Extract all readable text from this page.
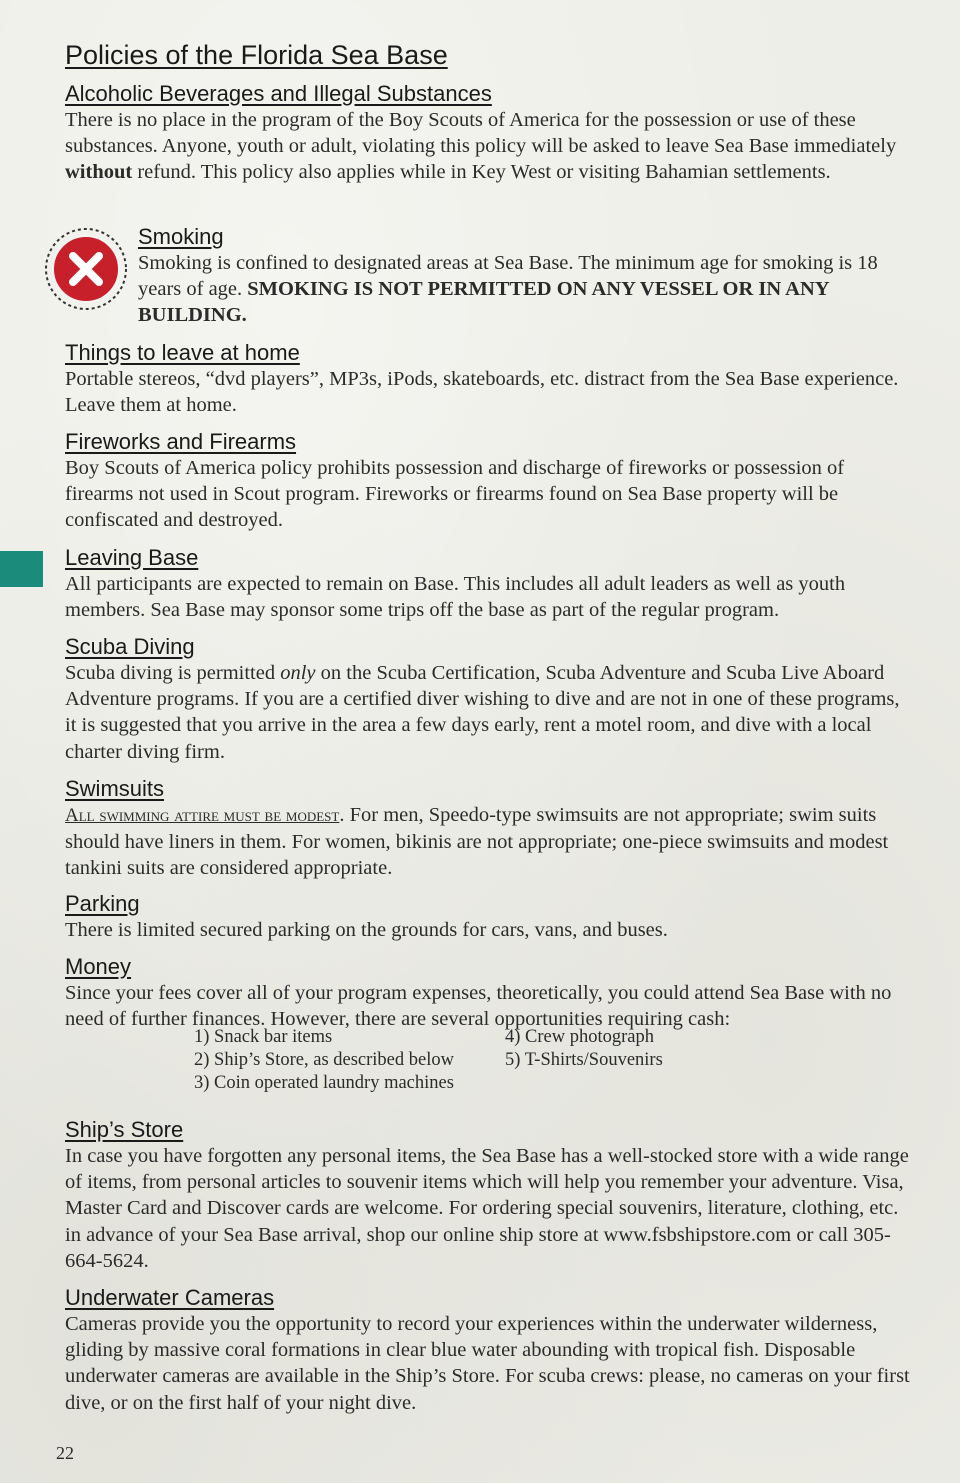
Policies of the Florida Sea Base
Alcoholic Beverages and Illegal Substances

There is no place in the program of the Boy Scouts of America for the possession or use of these substances. Anyone, youth or adult, violating this policy will be asked to leave Sea Base immediately without refund. This policy also applies while in Key West or visiting Bahamian settlements.

Smoking

Smoking is confined to designated areas at Sea Base. The minimum age for smoking is 18 years of age. SMOKING IS NOT PERMITTED ON ANY VESSEL OR IN ANY BUILDING.

Things to leave at home

Portable stereos, “dvd players”, MP3s, iPods, skateboards, etc. distract from the Sea Base experience. Leave them at home.

Fireworks and Firearms

Boy Scouts of America policy prohibits possession and discharge of fireworks or possession of firearms not used in Scout program. Fireworks or firearms found on Sea Base property will be confiscated and destroyed.

Leaving Base

All participants are expected to remain on Base. This includes all adult leaders as well as youth members. Sea Base may sponsor some trips off the base as part of the regular program.

Scuba Diving

Scuba diving is permitted only on the Scuba Certification, Scuba Adventure and Scuba Live Aboard Adventure programs. If you are a certified diver wishing to dive and are not in one of these programs, it is suggested that you arrive in the area a few days early, rent a motel room, and dive with a local charter diving firm.

Swimsuits

All swimming attire must be modest. For men, Speedo-type swimsuits are not appropriate; swim suits should have liners in them. For women, bikinis are not appropriate; one-piece swimsuits and modest tankini suits are considered appropriate.

Parking

There is limited secured parking on the grounds for cars, vans, and buses.

Money

Since your fees cover all of your program expenses, theoretically, you could attend Sea Base with no need of further finances. However, there are several opportunities requiring cash:

1) Snack bar items
2) Ship’s Store, as described below
3) Coin operated laundry machines
4) Crew photograph
5) T-Shirts/Souvenirs
Ship’s Store

In case you have forgotten any personal items, the Sea Base has a well-stocked store with a wide range of items, from personal articles to souvenir items which will help you remember your adventure. Visa, Master Card and Discover cards are welcome. For ordering special souvenirs, literature, clothing, etc. in advance of your Sea Base arrival, shop our online ship store at www.fsbshipstore.com or call 305-664-5624.

Underwater Cameras

Cameras provide you the opportunity to record your experiences within the underwater wilderness, gliding by massive coral formations in clear blue water abounding with tropical fish. Disposable underwater cameras are available in the Ship’s Store. For scuba crews: please, no cameras on your first dive, or on the first half of your night dive.

22
